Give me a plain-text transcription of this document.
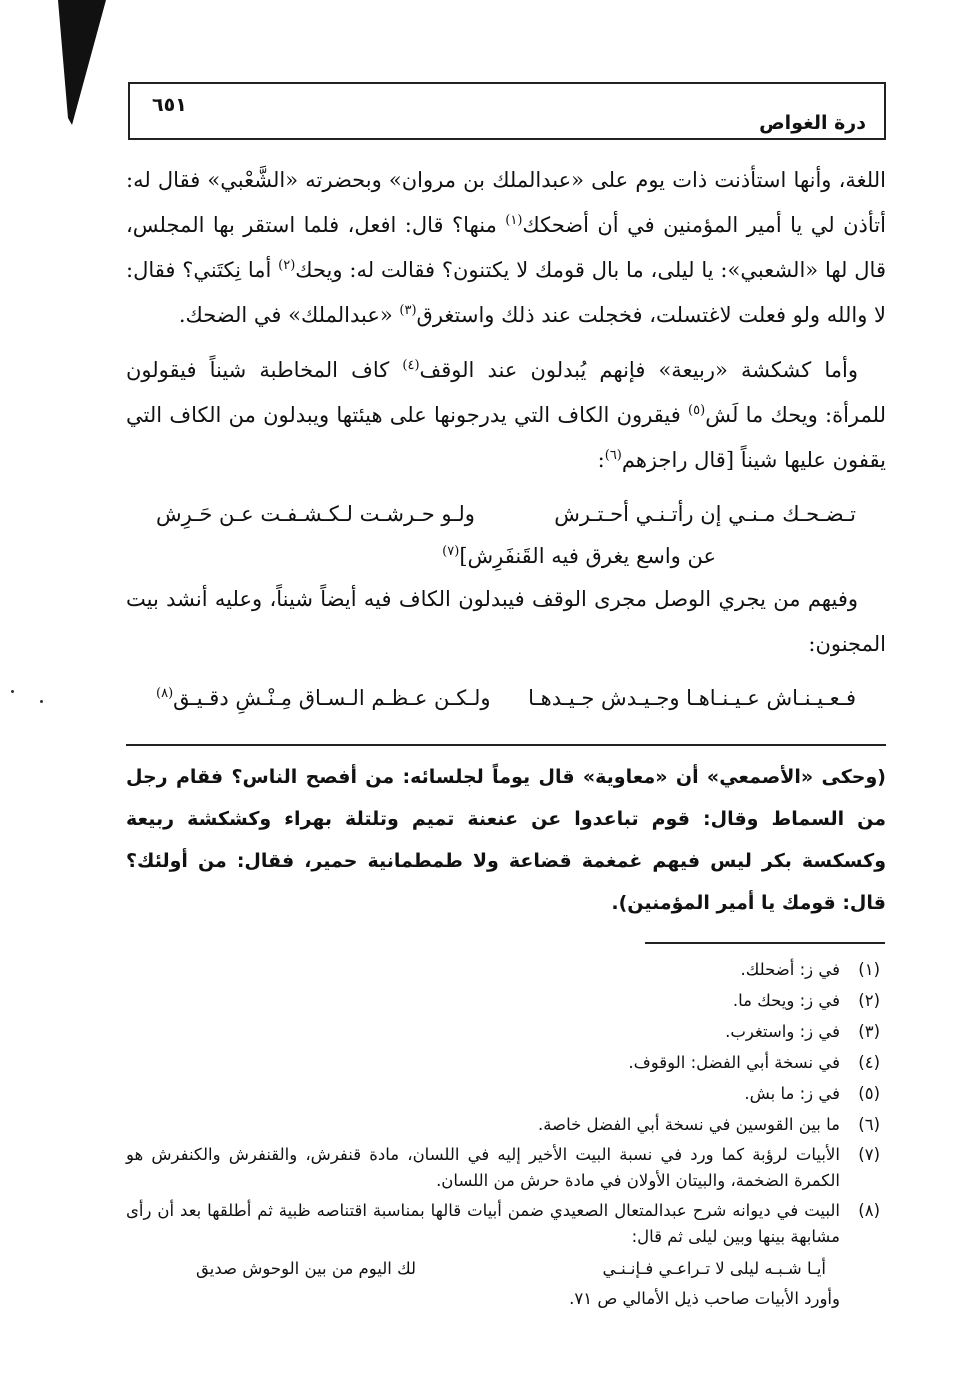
درة الغواص
٦٥١

اللغة، وأنها استأذنت ذات يوم على «عبدالملك بن مروان» وبحضرته «الشَّعْبي» فقال له: أتأذن لي يا أمير المؤمنين في أن أضحكك$^{(١)}$ منها؟ قال: افعل، فلما استقر بها المجلس، قال لها «الشعبي»: يا ليلى، ما بال قومك لا يكتنون؟ فقالت له: ويحك$^{(٢)}$ أما نِكتَني؟ فقال: لا والله ولو فعلت لاغتسلت، فخجلت عند ذلك واستغرق$^{(٣)}$ «عبدالملك» في الضحك.

وأما كشكشة «ربيعة» فإنهم يُبدلون عند الوقف$^{(٤)}$ كاف المخاطبة شيناً فيقولون للمرأة: ويحك ما لَش$^{(٥)}$ فيقرون الكاف التي يدرجونها على هيئتها ويبدلون من الكاف التي يقفون عليها شيناً [قال راجزهم$^{(٦)}$:

تـضـحـك مـنـي إن رأتـنـي أحـتـرش
ولـو حـرشـت لـكـشـفـت عـن حَـرِش
عن واسع يغرق فيه القَنفَرِش]$^{(٧)}$

وفيهم من يجري الوصل مجرى الوقف فيبدلون الكاف فيه أيضاً شيناً، وعليه أنشد بيت المجنون:

فـعـيـنـاش عـيـنـاهـا وجـيـدش جـيـدهـا
ولـكـن عـظـم الـسـاق مِـنْـشِ دقـيـق$^{(٨)}$

(وحكى «الأصمعي» أن «معاوية» قال يوماً لجلسائه: من أفصح الناس؟ فقام رجل من السماط وقال: قوم تباعدوا عن عنعنة تميم وتلتلة بهراء وكشكشة ربيعة وكسكسة بكر ليس فيهم غمغمة قضاعة ولا طمطمانية حمير، فقال: من أولئك؟ قال: قومك يا أمير المؤمنين).

(١)
في ز: أضحلك.
(٢)
في ز: ويحك ما.
(٣)
في ز: واستغرب.
(٤)
في نسخة أبي الفضل: الوقوف.
(٥)
في ز: ما بش.
(٦)
ما بين القوسين في نسخة أبي الفضل خاصة.
(٧)
الأبيات لرؤبة كما ورد في نسبة البيت الأخير إليه في اللسان، مادة قنفرش، والقنفرش والكنفرش هو الكمرة الضخمة، والبيتان الأولان في مادة حرش من اللسان.
(٨)
البيت في ديوانه شرح عبدالمتعال الصعيدي ضمن أبيات قالها بمناسبة اقتناصه ظبية ثم أطلقها بعد أن رأى مشابهة بينها وبين ليلى ثم قال:
أيـا شـبـه ليلى لا تـراعـي فـإنـنـي
لك اليوم من بين الوحوش صديق
وأورد الأبيات صاحب ذيل الأمالي ص ٧١.
